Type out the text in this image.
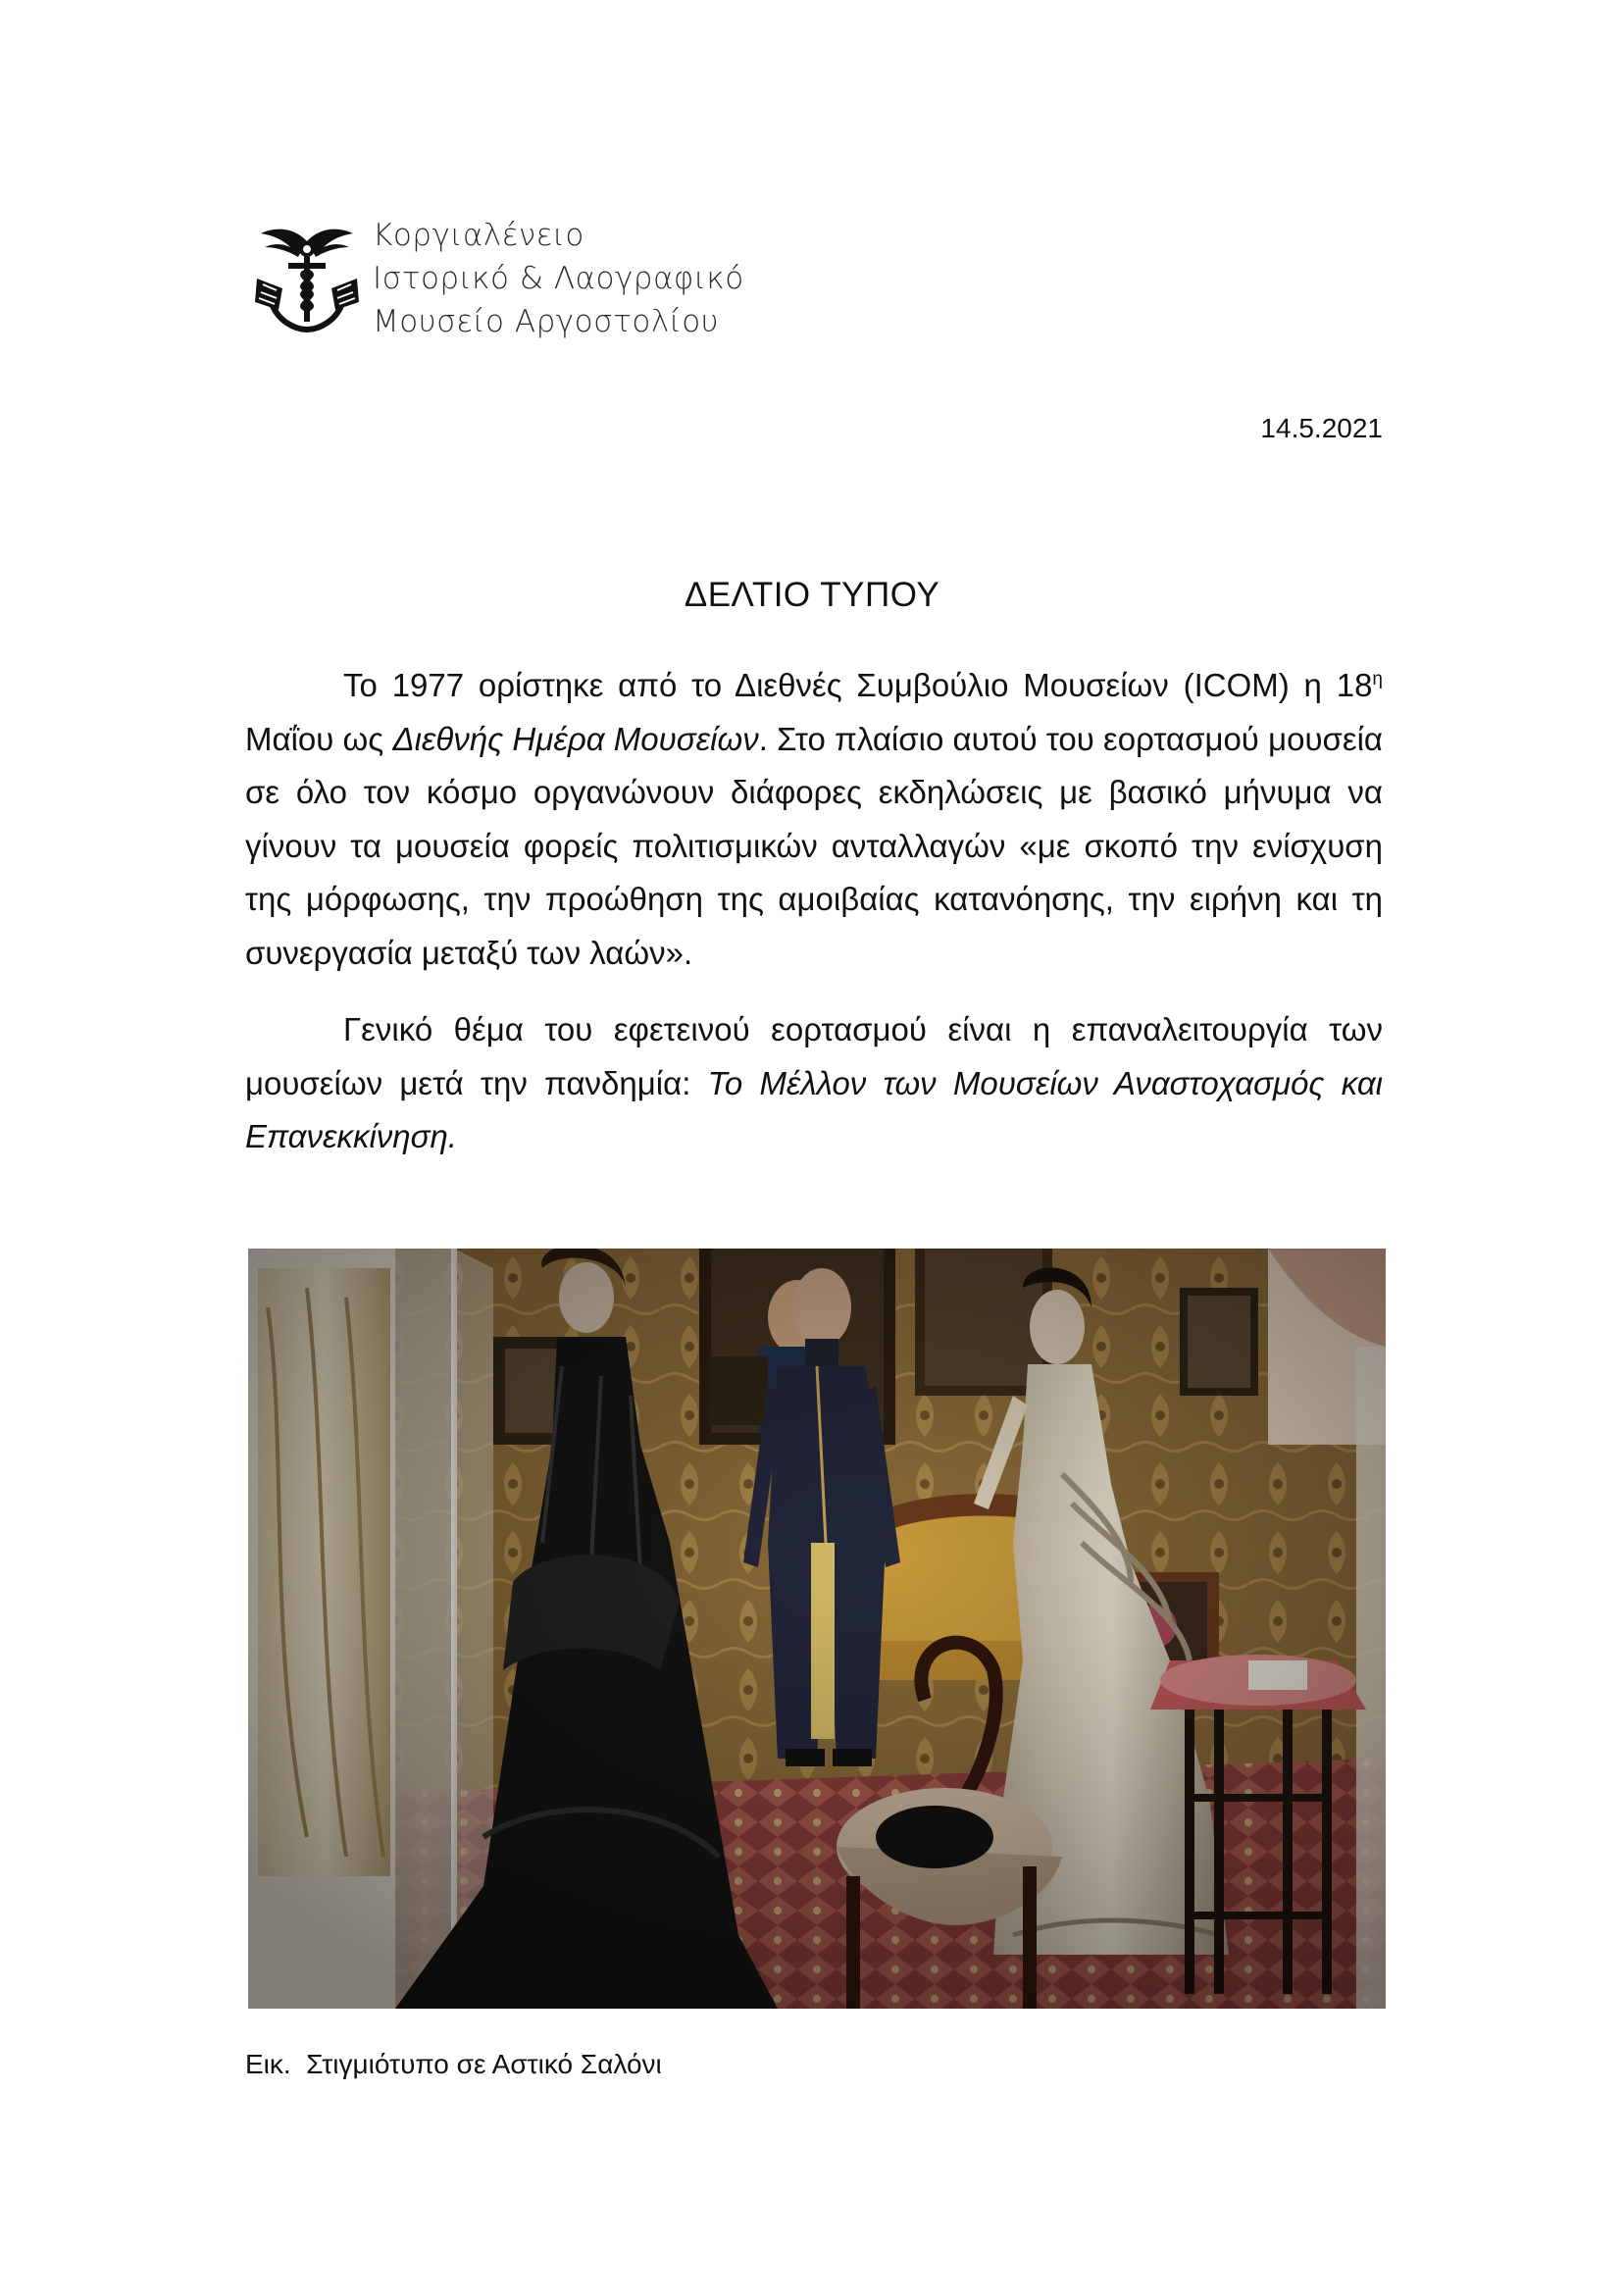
Κοργιαλένειο
Ιστορικό & Λαογραφικό
Μουσείο Αργοστολίου
14.5.2021
ΔΕΛΤΙΟ ΤΥΠΟΥ

Το 1977 ορίστηκε από το Διεθνές Συμβούλιο Μουσείων (ICOM) η $18^\eta$ Μαΐου ως Διεθνής Ημέρα Μουσείων. Στο πλαίσιο αυτού του εορτασμού μουσεία σε όλο τον κόσμο οργανώνουν διάφορες εκδηλώσεις με βασικό μήνυμα να γίνουν τα μουσεία φορείς πολιτισμικών ανταλλαγών «με σκοπό την ενίσχυση της μόρφωσης, την προώθηση της αμοιβαίας κατανόησης, την ειρήνη και τη συνεργασία μεταξύ των λαών».

Γενικό θέμα του εφετεινού εορτασμού είναι η επαναλειτουργία των μουσείων μετά την πανδημία: Το Μέλλον των Μουσείων Αναστοχασμός και Επανεκκίνηση.

Εικ.  Στιγμιότυπο σε Αστικό Σαλόνι
